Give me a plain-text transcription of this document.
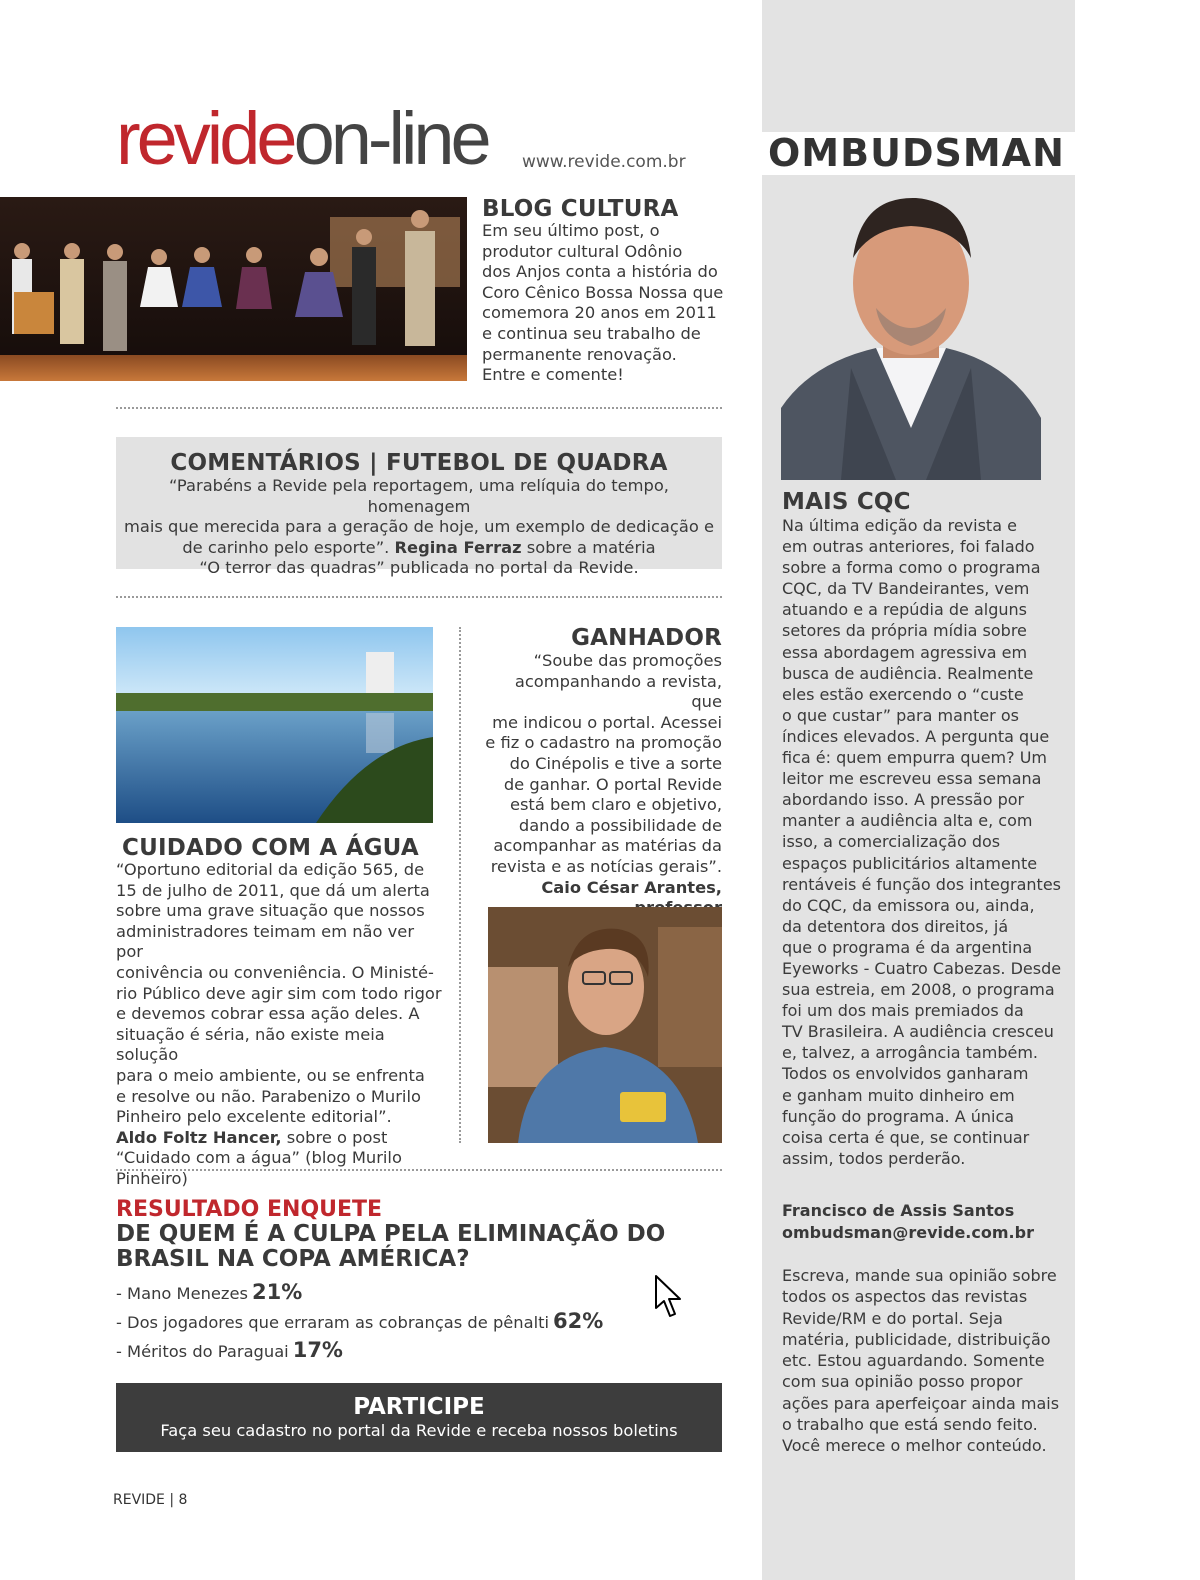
OMBUDSMAN
revideon-line www.revide.com.br
BLOG CULTURA
Em seu último post, o
produtor cultural Odônio
dos Anjos conta a história do
Coro Cênico Bossa Nossa que
comemora 20 anos em 2011
e continua seu trabalho de
permanente renovação.
Entre e comente!
COMENTÁRIOS | FUTEBOL DE QUADRA
“Parabéns a Revide pela reportagem, uma relíquia do tempo, homenagem
mais que merecida para a geração de hoje, um exemplo de dedicação e
de carinho pelo esporte”. Regina Ferraz sobre a matéria
“O terror das quadras” publicada no portal da Revide.
CUIDADO COM A ÁGUA
“Oportuno editorial da edição 565, de
15 de julho de 2011, que dá um alerta
sobre uma grave situação que nossos
administradores teimam em não ver por
conivência ou conveniência. O Ministé-
rio Público deve agir sim com todo rigor
e devemos cobrar essa ação deles. A
situação é séria, não existe meia solução
para o meio ambiente, ou se enfrenta
e resolve ou não. Parabenizo o Murilo
Pinheiro pelo excelente editorial”.
Aldo Foltz Hancer, sobre o post
“Cuidado com a água” (blog Murilo
Pinheiro)
GANHADOR
“Soube das promoções
acompanhando a revista, que
me indicou o portal. Acessei
e fiz o cadastro na promoção
do Cinépolis e tive a sorte
de ganhar. O portal Revide
está bem claro e objetivo,
dando a possibilidade de
acompanhar as matérias da
revista e as notícias gerais”.
Caio César Arantes,
RESULTADO ENQUETE
DE QUEM É A CULPA PELA ELIMINAÇÃO DO
BRASIL NA COPA AMÉRICA?
- Mano Menezes 21%
- Dos jogadores que erraram as cobranças de pênalti 62%
- Méritos do Paraguai 17%
PARTICIPE
Faça seu cadastro no portal da Revide e receba nossos boletins
REVIDE | 8
MAIS CQC
Na última edição da revista e
em outras anteriores, foi falado
sobre a forma como o programa
CQC, da TV Bandeirantes, vem
atuando e a repúdia de alguns
setores da própria mídia sobre
essa abordagem agressiva em
busca de audiência. Realmente
eles estão exercendo o “custe
o que custar” para manter os
índices elevados. A pergunta que
fica é: quem empurra quem? Um
leitor me escreveu essa semana
abordando isso. A pressão por
manter a audiência alta e, com
isso, a comercialização dos
espaços publicitários altamente
rentáveis é função dos integrantes
do CQC, da emissora ou, ainda,
da detentora dos direitos, já
que o programa é da argentina
Eyeworks - Cuatro Cabezas. Desde
sua estreia, em 2008, o programa
foi um dos mais premiados da
TV Brasileira. A audiência cresceu
e, talvez, a arrogância também.
Todos os envolvidos ganharam
e ganham muito dinheiro em
função do programa. A única
coisa certa é que, se continuar
assim, todos perderão.
Francisco de Assis Santos
ombudsman@revide.com.br
Escreva, mande sua opinião sobre
todos os aspectos das revistas
Revide/RM e do portal. Seja
matéria, publicidade, distribuição
etc. Estou aguardando. Somente
com sua opinião posso propor
ações para aperfeiçoar ainda mais
o trabalho que está sendo feito.
Você merece o melhor conteúdo.
